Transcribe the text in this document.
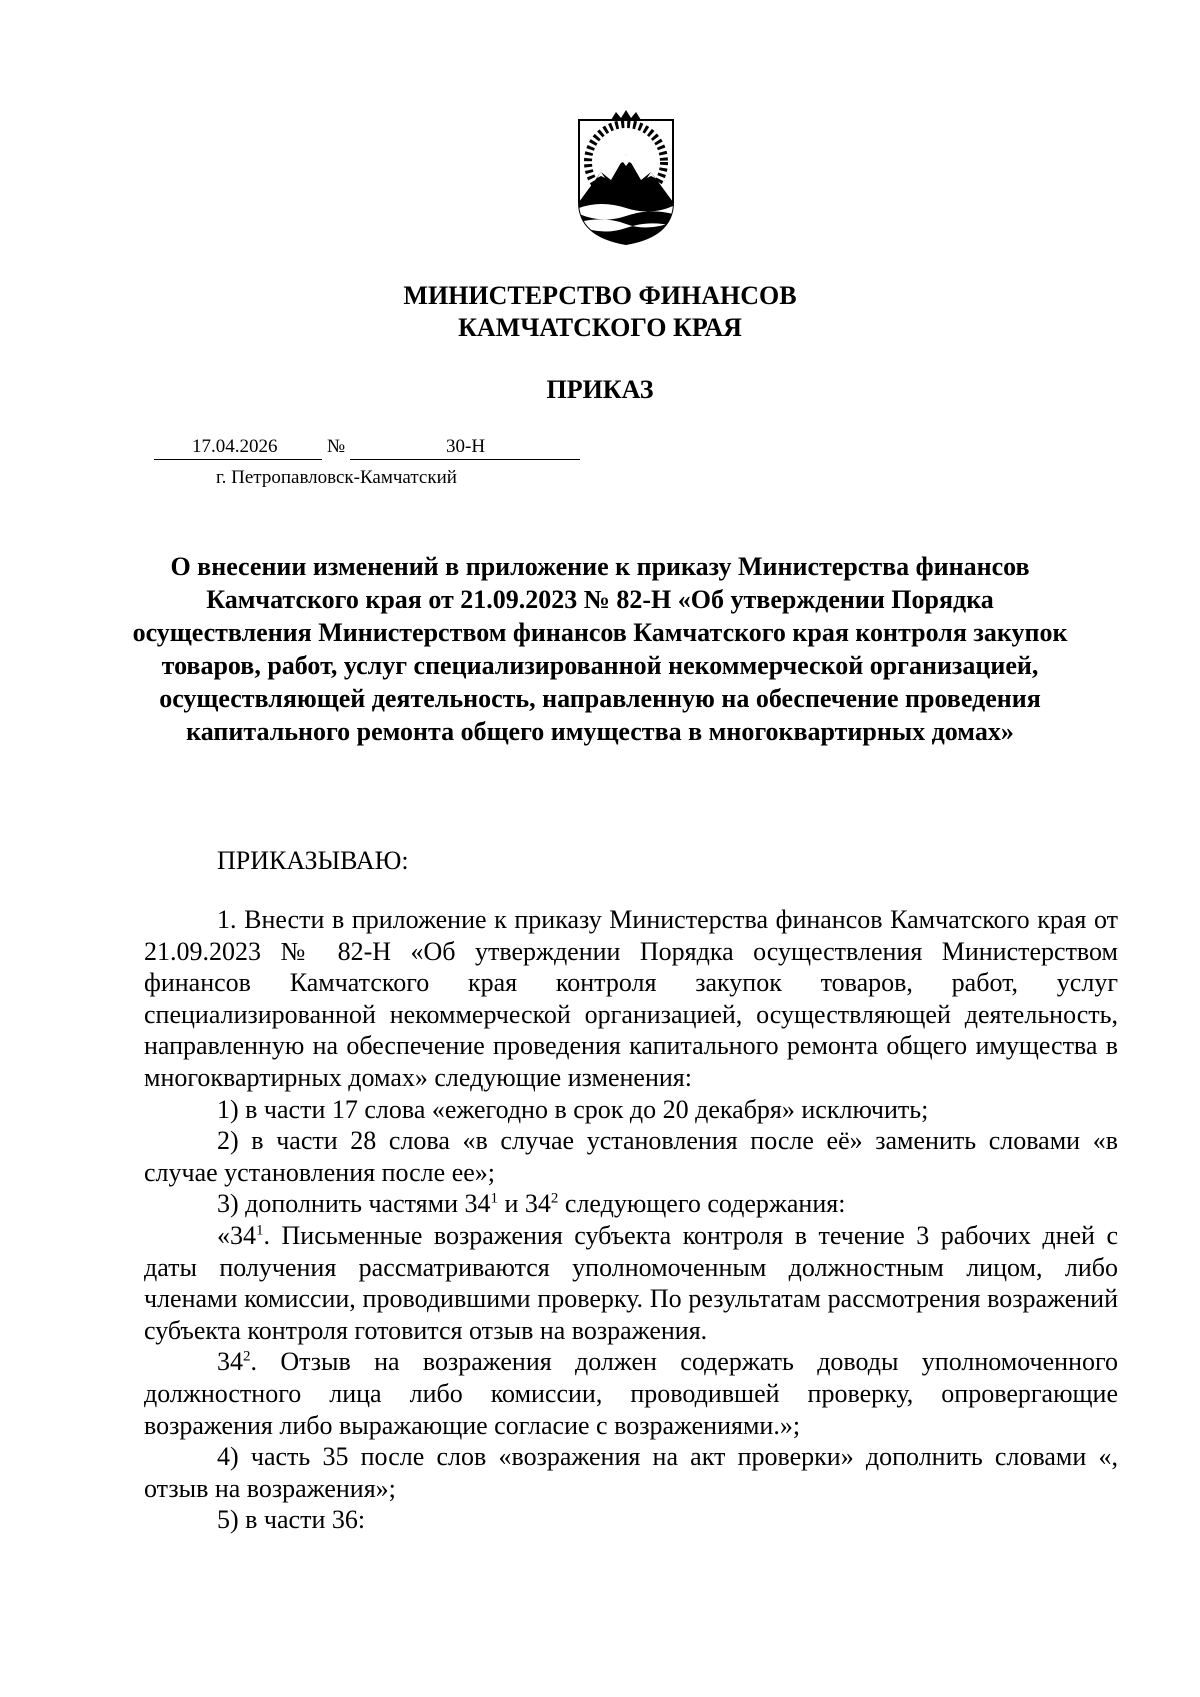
МИНИСТЕРСТВО ФИНАНСОВ
КАМЧАТСКОГО КРАЯ
ПРИКАЗ
17.04.2026	№	30-Н
г. Петропавловск-Камчатский
О внесении изменений в приложение к приказу Министерства финансов Камчатского края от 21.09.2023 № 82-Н «Об утверждении Порядка осуществления Министерством финансов Камчатского края контроля закупок товаров, работ, услуг специализированной некоммерческой организацией, осуществляющей деятельность, направленную на обеспечение проведения капитального ремонта общего имущества в многоквартирных домах»
ПРИКАЗЫВАЮ:

1. Внести в приложение к приказу Министерства финансов Камчатского края от 21.09.2023 № 82-Н «Об утверждении Порядка осуществления Министерством финансов Камчатского края контроля закупок товаров, работ, услуг специализированной некоммерческой организацией, осуществляющей деятельность, направленную на обеспечение проведения капитального ремонта общего имущества в многоквартирных домах» следующие изменения:

1) в части 17 слова «ежегодно в срок до 20 декабря» исключить;

2) в части 28 слова «в случае установления после её» заменить словами «в случае установления после ее»;

3) дополнить частями $34^1$ и $34^2$ следующего содержания:

«$34^1$. Письменные возражения субъекта контроля в течение 3 рабочих дней с даты получения рассматриваются уполномоченным должностным лицом, либо членами комиссии, проводившими проверку. По результатам рассмотрения возражений субъекта контроля готовится отзыв на возражения.

$34^2$. Отзыв на возражения должен содержать доводы уполномоченного должностного лица либо комиссии, проводившей проверку, опровергающие возражения либо выражающие согласие с возражениями.»;

4) часть 35 после слов «возражения на акт проверки» дополнить словами «, отзыв на возражения»;

5) в части 36:
